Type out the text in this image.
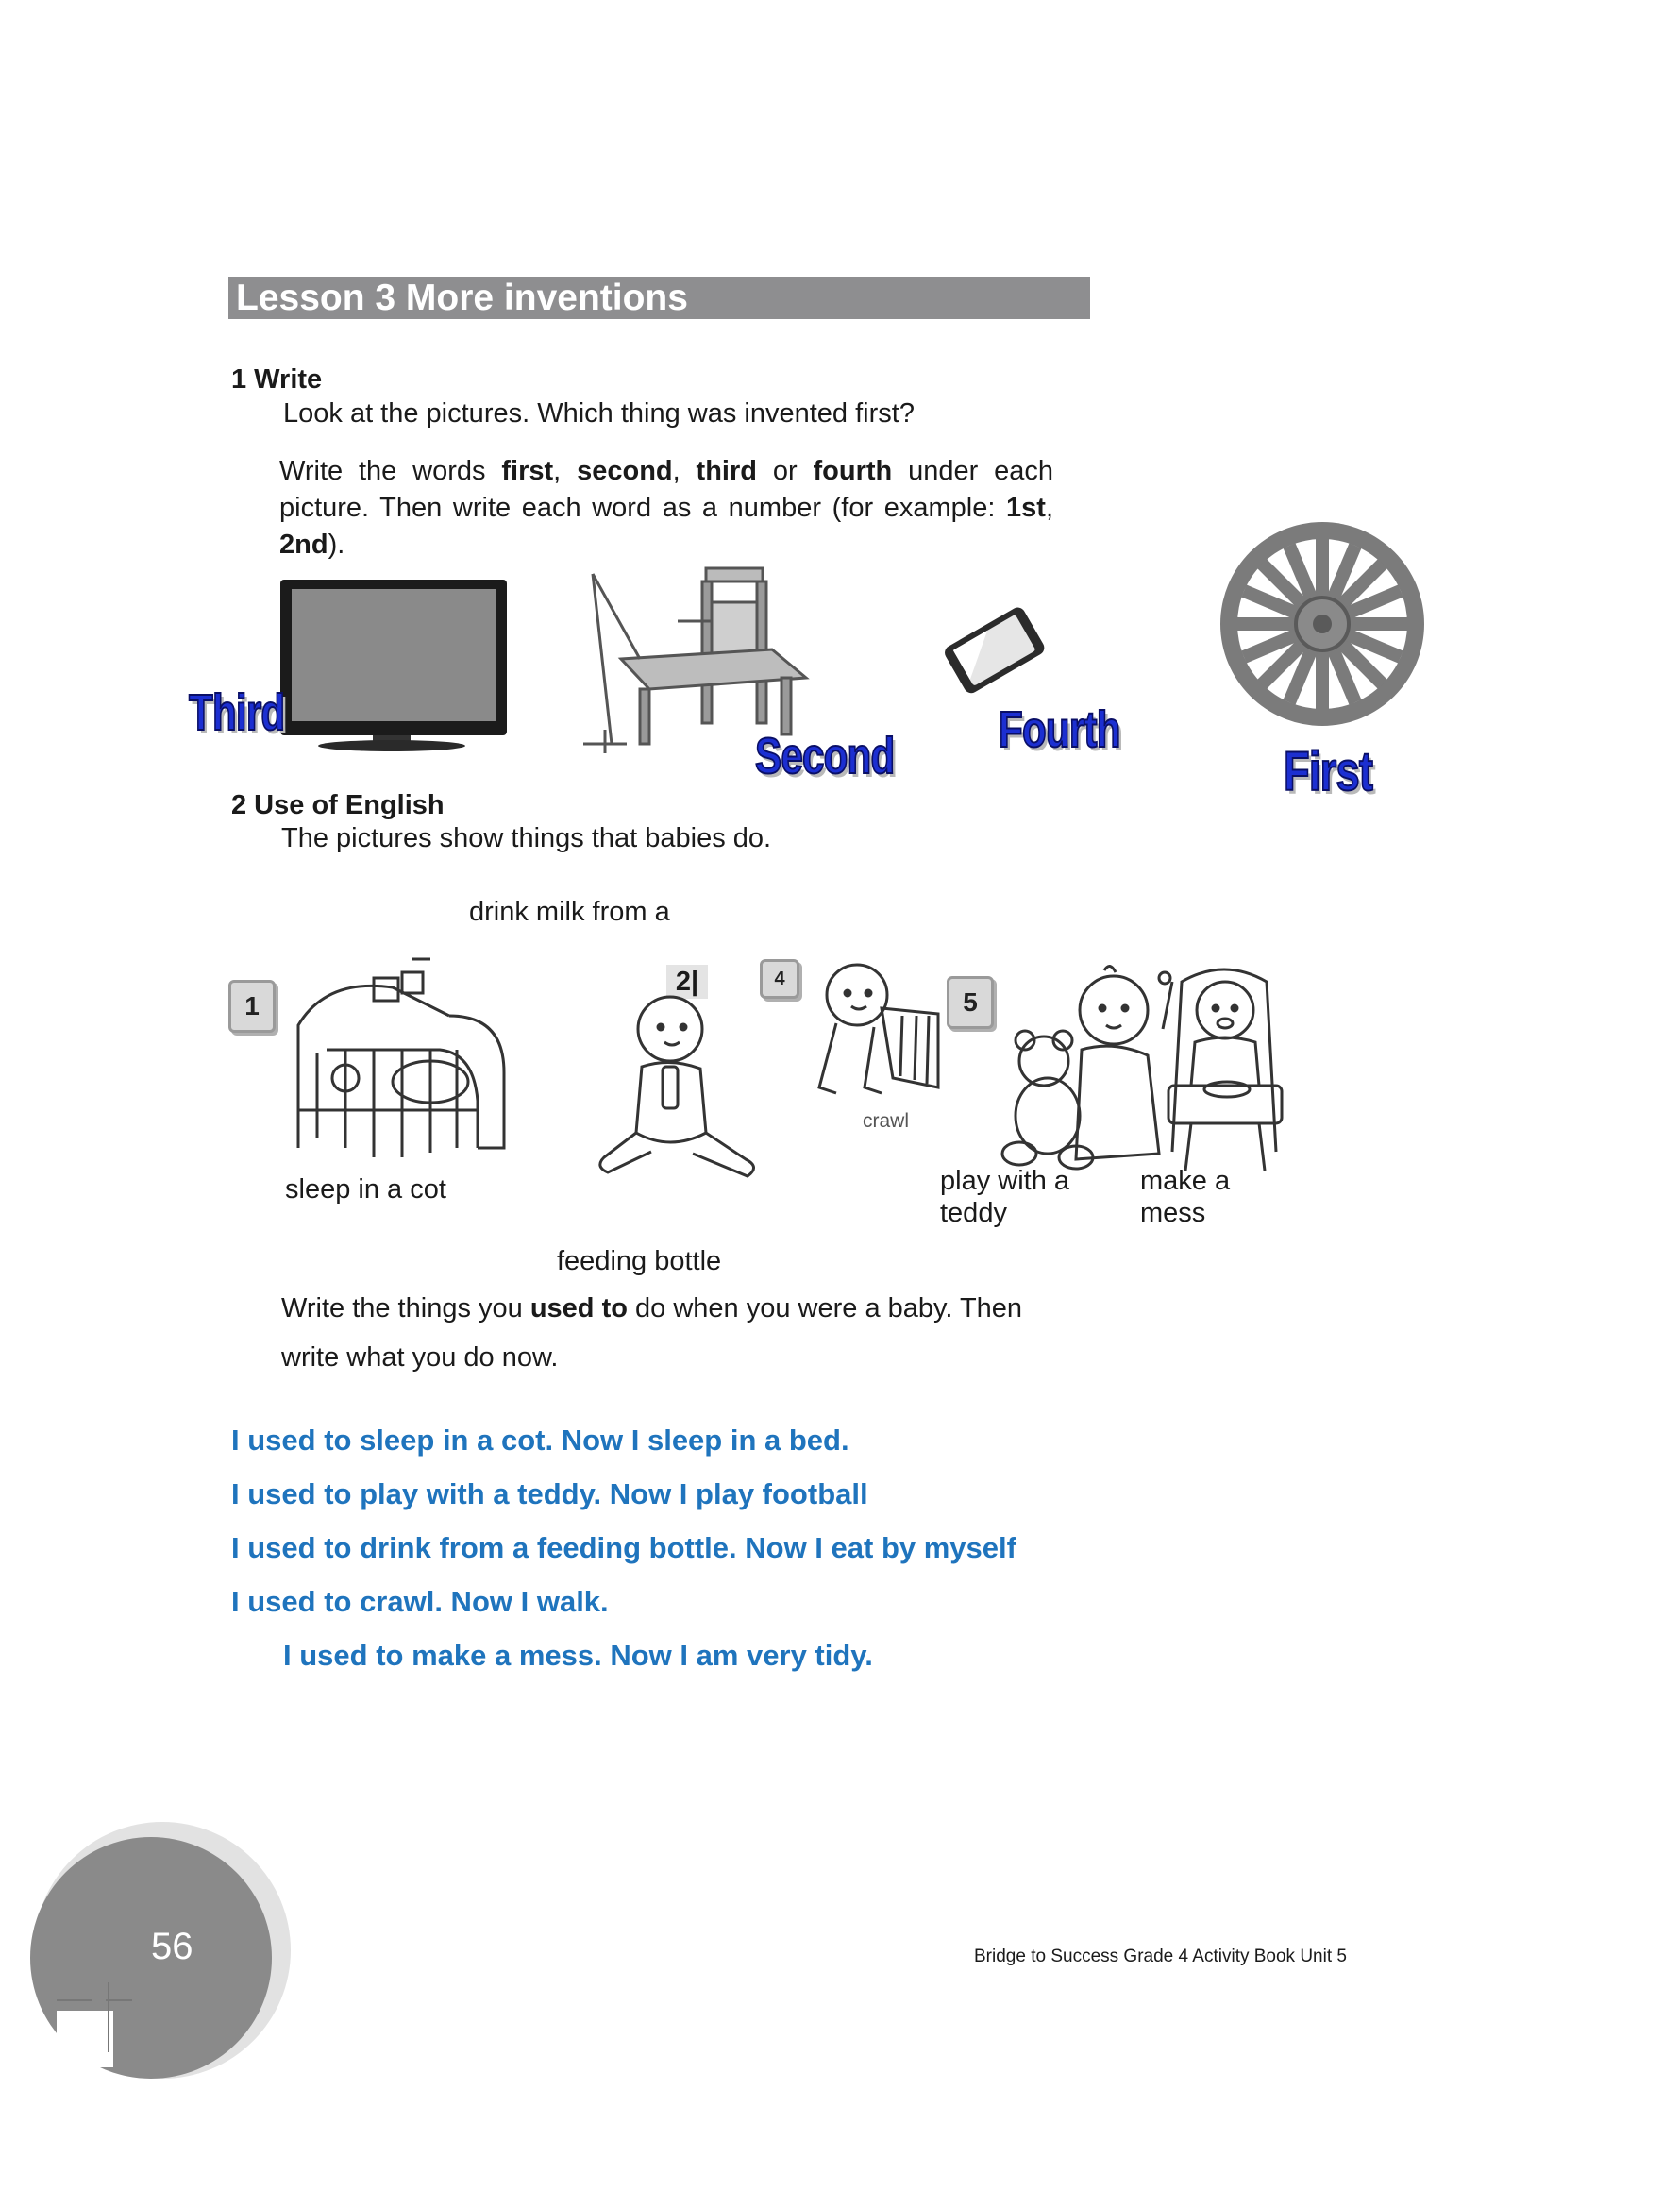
Lesson 3 More inventions
1 Write
Look at the pictures. Which thing was invented first?
Write the words first, second, third or fourth under each picture. Then write each word as a number (for example: 1st, 2nd).
Third
Second Fourth
First
2 Use of English
The pictures show things that babies do.
drink milk from a
1
2|	4
5
crawl
sleep in a cot	play with a teddy
make a mess
feeding bottle
Write the things you used to do when you were a baby. Then
write what you do now.
I used to sleep in a cot. Now I sleep in a bed.
I used to play with a teddy. Now I play football
I used to drink from a feeding bottle. Now I eat by myself
I used to crawl. Now I walk.
I used to make a mess. Now I am very tidy.
56	Bridge to Success Grade 4 Activity Book Unit 5
